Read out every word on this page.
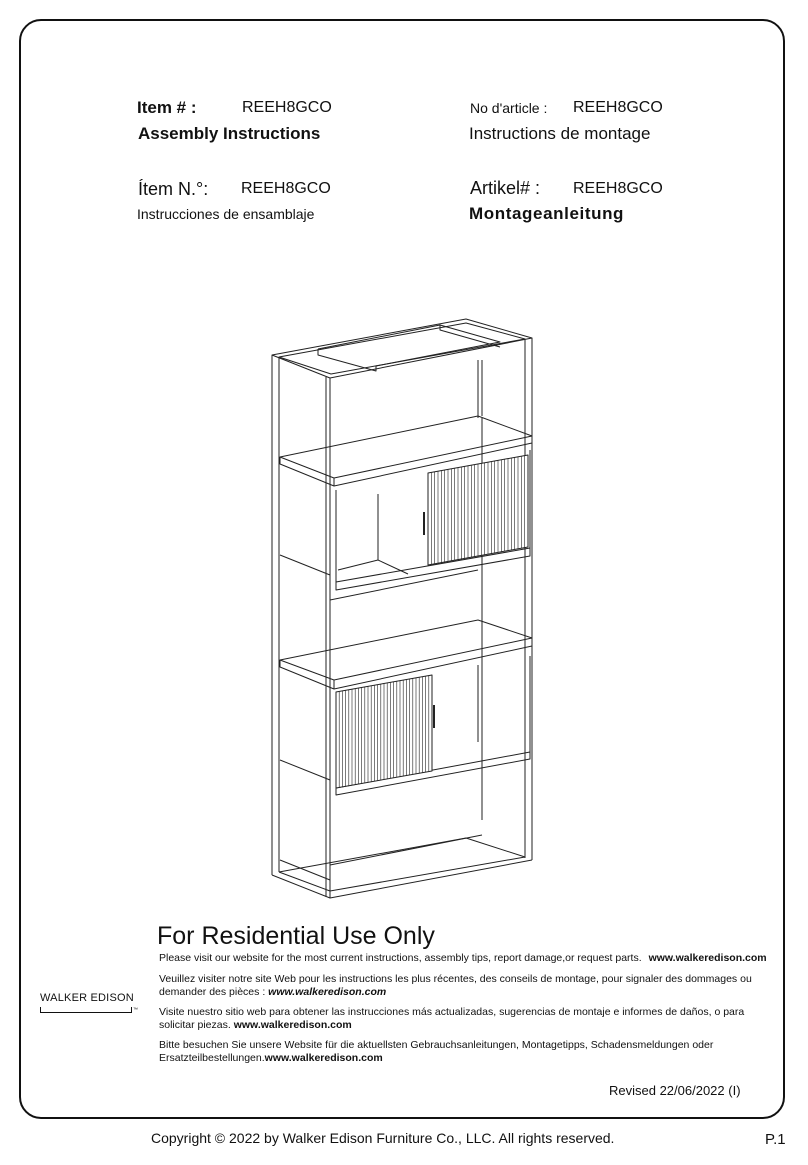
Item # :	REEH8GCO
Assembly Instructions
No d'article : REEH8GCO
Instructions de montage
Ítem N.°: REEH8GCO
Instrucciones de ensamblaje
Artikel# : REEH8GCO
Montageanleitung
For Residential Use Only
Please visit our website for the most current instructions, assembly tips, report damage,or request parts. www.walkeredison.com
Veuillez visiter notre site Web pour les instructions les plus récentes, des conseils de montage, pour signaler des dommages ou demander des pièces : www.walkeredison.com
Visite nuestro sitio web para obtener las instrucciones más actualizadas, sugerencias de montaje e informes de daños, o para solicitar piezas. www.walkeredison.com
Bitte besuchen Sie unsere Website für die aktuellsten Gebrauchsanleitungen, Montagetipps, Schadensmeldungen oder Ersatzteilbestellungen.www.walkeredison.com
WALKER EDISON
™
Revised 22/06/2022 (I)
Copyright © 2022 by Walker Edison Furniture Co., LLC. All rights reserved.	P.1
